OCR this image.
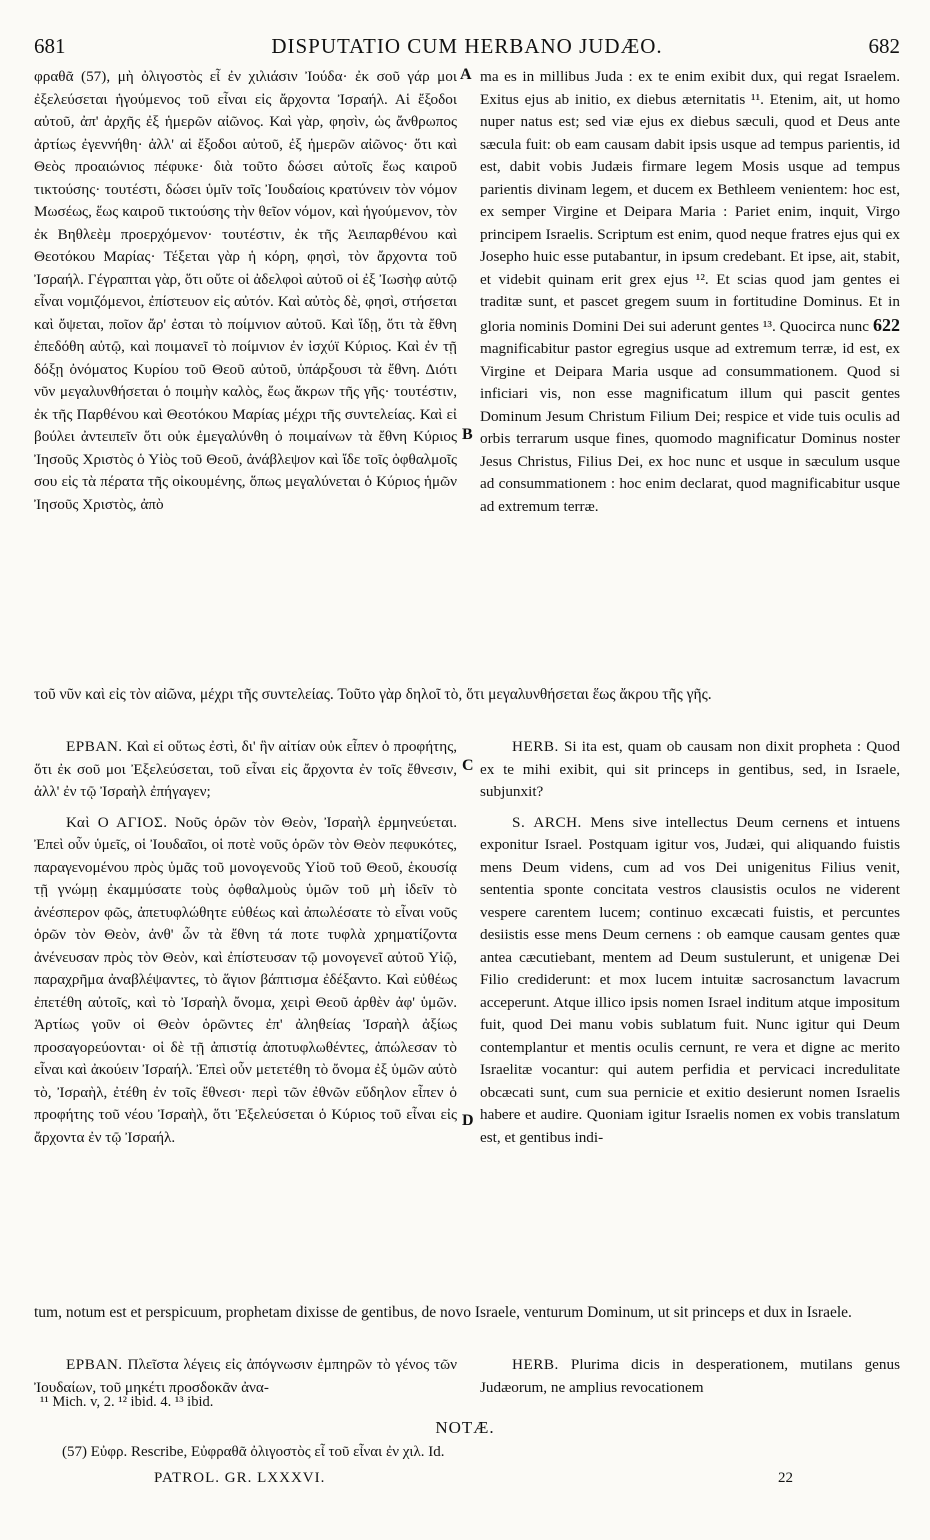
681	DISPUTATIO CUM HERBANO JUDÆO.	682

φραθᾶ (57), μὴ ὀλιγοστὸς εἶ ἐν χιλιάσιν Ἰούδα· ἐκ σοῦ γάρ μοι ἐξελεύσεται ἡγούμενος τοῦ εἶναι εἰς ἄρχοντα Ἰσραήλ. Αἱ ἔξοδοι αὐτοῦ, ἀπ' ἀρχῆς ἐξ ἡμερῶν αἰῶνος. Καὶ γὰρ, φησὶν, ὡς ἄνθρωπος ἀρτίως ἐγεννήθη· ἀλλ' αἱ ἔξοδοι αὐτοῦ, ἐξ ἡμερῶν αἰῶνος· ὅτι καὶ Θεὸς προαιώνιος πέφυκε· διὰ τοῦτο δώσει αὐτοῖς ἕως καιροῦ τικτούσης· τουτέστι, δώσει ὑμῖν τοῖς Ἰουδαίοις κρατύνειν τὸν νόμον Μωσέως, ἕως καιροῦ τικτούσης τὴν θεῖον νόμον, καὶ ἡγούμενον, τὸν ἐκ Βηθλεὲμ προερχόμενον· τουτέστιν, ἐκ τῆς Ἀειπαρθένου καὶ Θεοτόκου Μαρίας· Τέξεται γὰρ ἡ κόρη, φησὶ, τὸν ἄρχοντα τοῦ Ἰσραήλ. Γέγραπται γὰρ, ὅτι οὔτε οἱ ἀδελφοὶ αὐτοῦ οἱ ἐξ Ἰωσὴφ αὐτῷ εἶναι νομιζόμενοι, ἐπίστευον εἰς αὐτόν. Καὶ αὐτὸς δὲ, φησὶ, στήσεται καὶ ὄψεται, ποῖον ἄρ' ἐσται τὸ ποίμνιον αὐτοῦ. Καὶ ἴδῃ, ὅτι τὰ ἔθνη ἐπεδόθη αὐτῷ, καὶ ποιμανεῖ τὸ ποίμνιον ἐν ἰσχύϊ Κύριος. Καὶ ἐν τῇ δόξῃ ὀνόματος Κυρίου τοῦ Θεοῦ αὐτοῦ, ὑπάρξουσι τὰ ἔθνη. Διότι νῦν μεγαλυνθήσεται ὁ ποιμὴν καλὸς, ἕως ἄκρων τῆς γῆς· τουτέστιν, ἐκ τῆς Παρθένου καὶ Θεοτόκου Μαρίας μέχρι τῆς συντελείας. Καὶ εἰ βούλει ἀντειπεῖν ὅτι οὐκ ἐμεγαλύνθη ὁ ποιμαίνων τὰ ἔθνη Κύριος Ἰησοῦς Χριστὸς ὁ Υἱὸς τοῦ Θεοῦ, ἀνάβλεψον καὶ ἴδε τοῖς ὀφθαλμοῖς σου εἰς τὰ πέρατα τῆς οἰκουμένης, ὅπως μεγαλύνεται ὁ Κύριος ἡμῶν Ἰησοῦς Χριστὸς, ἀπὸ

ma es in millibus Juda : ex te enim exibit dux, qui regat Israelem. Exitus ejus ab initio, ex diebus æternitatis ¹¹. Etenim, ait, ut homo nuper natus est; sed viæ ejus ex diebus sæculi, quod et Deus ante sæcula fuit: ob eam causam dabit ipsis usque ad tempus parientis, id est, dabit vobis Judæis firmare legem Mosis usque ad tempus parientis divinam legem, et ducem ex Bethleem venientem: hoc est, ex semper Virgine et Deipara Maria : Pariet enim, inquit, Virgo principem Israelis. Scriptum est enim, quod neque fratres ejus qui ex Josepho huic esse putabantur, in ipsum credebant. Et ipse, ait, stabit, et videbit quinam erit grex ejus ¹². Et scias quod jam gentes ei traditæ sunt, et pascet gregem suum in fortitudine Dominus. Et in gloria nominis Domini Dei sui aderunt gentes ¹³. Quocirca nunc 622 magnificabitur pastor egregius usque ad extremum terræ, id est, ex Virgine et Deipara Maria usque ad consummationem. Quod si inficiari vis, non esse magnificatum illum qui pascit gentes Dominum Jesum Christum Filium Dei; respice et vide tuis oculis ad orbis terrarum usque fines, quomodo magnificatur Dominus noster Jesus Christus, Filius Dei, ex hoc nunc et usque in sæculum usque ad consummationem : hoc enim declarat, quod magnificabitur usque ad extremum terræ.

A
B

τοῦ νῦν καὶ εἰς τὸν αἰῶνα, μέχρι τῆς συντελείας. Τοῦτο γὰρ δηλοῖ τὸ, ὅτι μεγαλυνθήσεται ἕως ἄκρου τῆς γῆς.

ΕΡΒΑΝ. Καὶ εἰ οὕτως ἐστὶ, δι' ἣν αἰτίαν οὐκ εἶπεν ὁ προφήτης, ὅτι ἐκ σοῦ μοι Ἐξελεύσεται, τοῦ εἶναι εἰς ἄρχοντα ἐν τοῖς ἔθνεσιν, ἀλλ' ἐν τῷ Ἰσραὴλ ἐπήγαγεν;

Καὶ Ο ΑΓΙΟΣ. Νοῦς ὁρῶν τὸν Θεὸν, Ἰσραὴλ ἑρμηνεύεται. Ἐπεὶ οὖν ὑμεῖς, οἱ Ἰουδαῖοι, οἱ ποτὲ νοῦς ὁρῶν τὸν Θεὸν πεφυκότες, παραγενομένου πρὸς ὑμᾶς τοῦ μονογενοῦς Υἱοῦ τοῦ Θεοῦ, ἑκουσίᾳ τῇ γνώμῃ ἐκαμμύσατε τοὺς ὀφθαλμοὺς ὑμῶν τοῦ μὴ ἰδεῖν τὸ ἀνέσπερον φῶς, ἀπετυφλώθητε εὐθέως καὶ ἀπωλέσατε τὸ εἶναι νοῦς ὁρῶν τὸν Θεὸν, ἀνθ' ὧν τὰ ἔθνη τά ποτε τυφλὰ χρηματίζοντα ἀνένευσαν πρὸς τὸν Θεὸν, καὶ ἐπίστευσαν τῷ μονογενεῖ αὐτοῦ Υἱῷ, παραχρῆμα ἀναβλέψαντες, τὸ ἅγιον βάπτισμα ἐδέξαντο. Καὶ εὐθέως ἐπετέθη αὐτοῖς, καὶ τὸ Ἰσραὴλ ὄνομα, χειρὶ Θεοῦ ἀρθὲν ἀφ' ὑμῶν. Ἀρτίως γοῦν οἱ Θεὸν ὁρῶντες ἐπ' ἀληθείας Ἰσραὴλ ἀξίως προσαγορεύονται· οἱ δὲ τῇ ἀπιστίᾳ ἀποτυφλωθέντες, ἀπώλεσαν τὸ εἶναι καὶ ἀκούειν Ἰσραήλ. Ἐπεὶ οὖν μετετέθη τὸ ὄνομα ἐξ ὑμῶν αὐτὸ τὸ, Ἰσραὴλ, ἐτέθη ἐν τοῖς ἔθνεσι· περὶ τῶν ἐθνῶν εὔδηλον εἶπεν ὁ προφήτης τοῦ νέου Ἰσραὴλ, ὅτι Ἐξελεύσεται ὁ Κύριος τοῦ εἶναι εἰς ἄρχοντα ἐν τῷ Ἰσραήλ.

HERB. Si ita est, quam ob causam non dixit propheta : Quod ex te mihi exibit, qui sit princeps in gentibus, sed, in Israele, subjunxit?

S. ARCH. Mens sive intellectus Deum cernens et intuens exponitur Israel. Postquam igitur vos, Judæi, qui aliquando fuistis mens Deum videns, cum ad vos Dei unigenitus Filius venit, sententia sponte concitata vestros clausistis oculos ne viderent vespere carentem lucem; continuo excæcati fuistis, et percuntes desiistis esse mens Deum cernens : ob eamque causam gentes quæ antea cæcutiebant, mentem ad Deum sustulerunt, et unigenæ Dei Filio crediderunt: et mox lucem intuitæ sacrosanctum lavacrum acceperunt. Atque illico ipsis nomen Israel inditum atque impositum fuit, quod Dei manu vobis sublatum fuit. Nunc igitur qui Deum contemplantur et mentis oculis cernunt, re vera et digne ac merito Israelitæ vocantur: qui autem perfidia et pervicaci incredulitate obcæcati sunt, cum sua pernicie et exitio desierunt nomen Israelis habere et audire. Quoniam igitur Israelis nomen ex vobis translatum est, et gentibus indi-

C
D

tum, notum est et perspicuum, prophetam dixisse de gentibus, de novo Israele, venturum Dominum, ut sit princeps et dux in Israele.

ΕΡΒΑΝ. Πλεῖστα λέγεις εἰς ἀπόγνωσιν ἐμπηρῶν τὸ γένος τῶν Ἰουδαίων, τοῦ μηκέτι προσδοκᾶν ἀνα-

HERB. Plurima dicis in desperationem, mutilans genus Judæorum, ne amplius revocationem

¹¹ Mich. v, 2. ¹² ibid. 4. ¹³ ibid.
NOTÆ.
(57) Εὐφρ. Rescribe, Εὐφραθᾶ ὀλιγοστὸς εἶ τοῦ εἶναι ἐν χιλ. Id.
PATROL. GR. LXXXVI.	22
